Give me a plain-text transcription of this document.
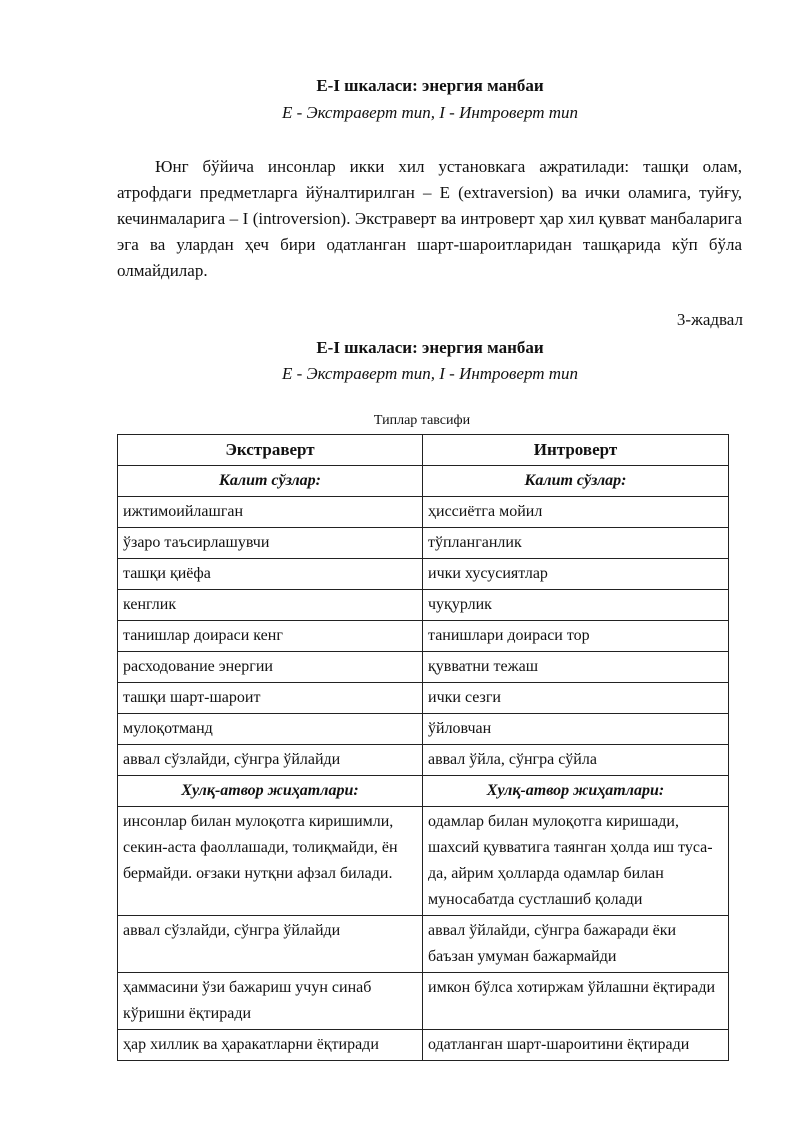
E-I шкаласи: энергия манбаи
E - Экстраверт тип, I - Интроверт тип
Юнг бўйича инсонлар икки хил установкага ажратилади: ташқи олам, атрофдаги предметларга йўналтирилган – E (extraversion) ва ички оламига, туйғу, кечинмаларига – I (introversion). Экстраверт ва интроверт ҳар хил қувват манбаларига эга ва улардан ҳеч бири одатланган шарт-шароитларидан ташқарида кўп бўла олмайдилар.
3-жадвал
E-I шкаласи: энергия манбаи
E - Экстраверт тип, I - Интроверт тип
Типлар тавсифи
Экстраверт	Интроверт
Калит сўзлар:	Калит сўзлар:
ижтимоийлашган	ҳиссиётга мойил
ўзаро таъсирлашувчи	тўпланганлик
ташқи қиёфа	ички хусусиятлар
кенглик	чуқурлик
танишлар доираси кенг	танишлари доираси тор
расходование энергии	қувватни тежаш
ташқи шарт-шароит	ички сезги
мулоқотманд	ўйловчан
аввал сўзлайди, сўнгра ўйлайди	аввал ўйла, сўнгра сўйла
Хулқ-атвор жиҳатлари:	Хулқ-атвор жиҳатлари:
инсонлар билан мулоқотга киришимли, секин-аста фаоллашади, толиқмайди, ён бермайди. оғзаки нутқни афзал билади.	одамлар билан мулоқотга киришади, шахсий қувватига таянган ҳолда иш туса-да, айрим ҳолларда одамлар билан муносабатда сустлашиб қолади
аввал сўзлайди, сўнгра ўйлайди	аввал ўйлайди, сўнгра бажаради ёки баъзан умуман бажармайди
ҳаммасини ўзи бажариш учун синаб кўришни ёқтиради	имкон бўлса хотиржам ўйлашни ёқтиради
ҳар хиллик ва ҳаракатларни ёқтиради	одатланган шарт-шароитини ёқтиради
